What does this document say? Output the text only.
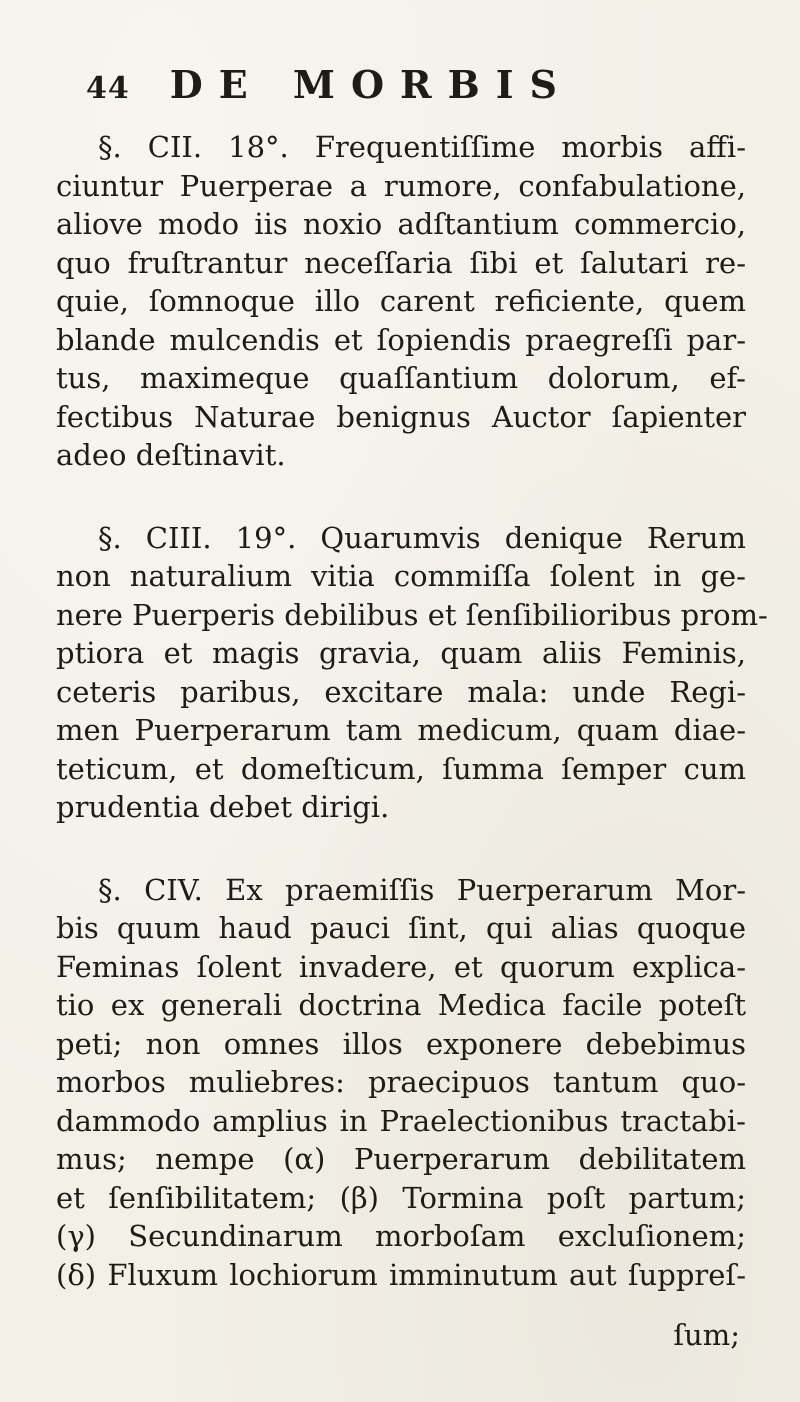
44 DE MORBIS

§. CII. 18°. Frequentiſſime morbis affi-
ciuntur Puerperae a rumore, confabulatione,
aliove modo iis noxio adſtantium commercio,
quo fruſtrantur neceſſaria ſibi et ſalutari re-
quie, ſomnoque illo carent reficiente, quem
blande mulcendis et ſopiendis praegreſſi par-
tus, maximeque quaſſantium dolorum, ef-
fectibus Naturae benignus Auctor ſapienter
adeo deſtinavit.

§. CIII. 19°. Quarumvis denique Rerum
non naturalium vitia commiſſa ſolent in ge-
nere Puerperis debilibus et ſenſibilioribus prom-
ptiora et magis gravia, quam aliis Feminis,
ceteris paribus, excitare mala: unde Regi-
men Puerperarum tam medicum, quam diae-
teticum, et domeſticum, ſumma ſemper cum
prudentia debet dirigi.

§. CIV. Ex praemiſſis Puerperarum Mor-
bis quum haud pauci ſint, qui alias quoque
Feminas ſolent invadere, et quorum explica-
tio ex generali doctrina Medica facile poteſt
peti; non omnes illos exponere debebimus
morbos muliebres: praecipuos tantum quo-
dammodo amplius in Praelectionibus tractabi-
mus; nempe (α) Puerperarum debilitatem
et ſenſibilitatem; (β) Tormina poſt partum;
(γ) Secundinarum morboſam excluſionem;
(δ) Fluxum lochiorum imminutum aut ſuppreſ-

ſum;
